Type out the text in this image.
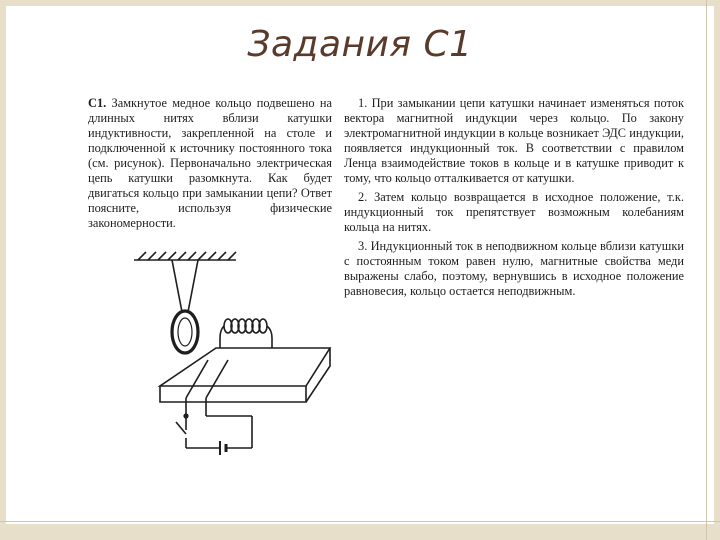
Задания С1
С1. Замкнутое медное кольцо подвешено на длинных нитях вблизи катушки индуктивности, закрепленной на столе и подключенной к источнику постоянного тока (см. рисунок). Первоначально электрическая цепь катушки разомкнута. Как будет двигаться кольцо при замыкании цепи? Ответ поясните, используя физические закономерности.

1. При замыкании цепи катушки начинает изменяться поток вектора магнитной индукции через кольцо. По закону электромагнитной индукции в кольце возникает ЭДС индукции, появляется индукционный ток. В соответствии с правилом Ленца взаимодействие токов в кольце и в катушке приводит к тому, что кольцо отталкивается от катушки.

2. Затем кольцо возвращается в исходное положение, т.к. индукционный ток препятствует возможным колебаниям кольца на нитях.

3. Индукционный ток в неподвижном кольце вблизи катушки с постоянным током равен нулю, магнитные свойства меди выражены слабо, поэтому, вернувшись в исходное положение равновесия, кольцо остается неподвижным.
